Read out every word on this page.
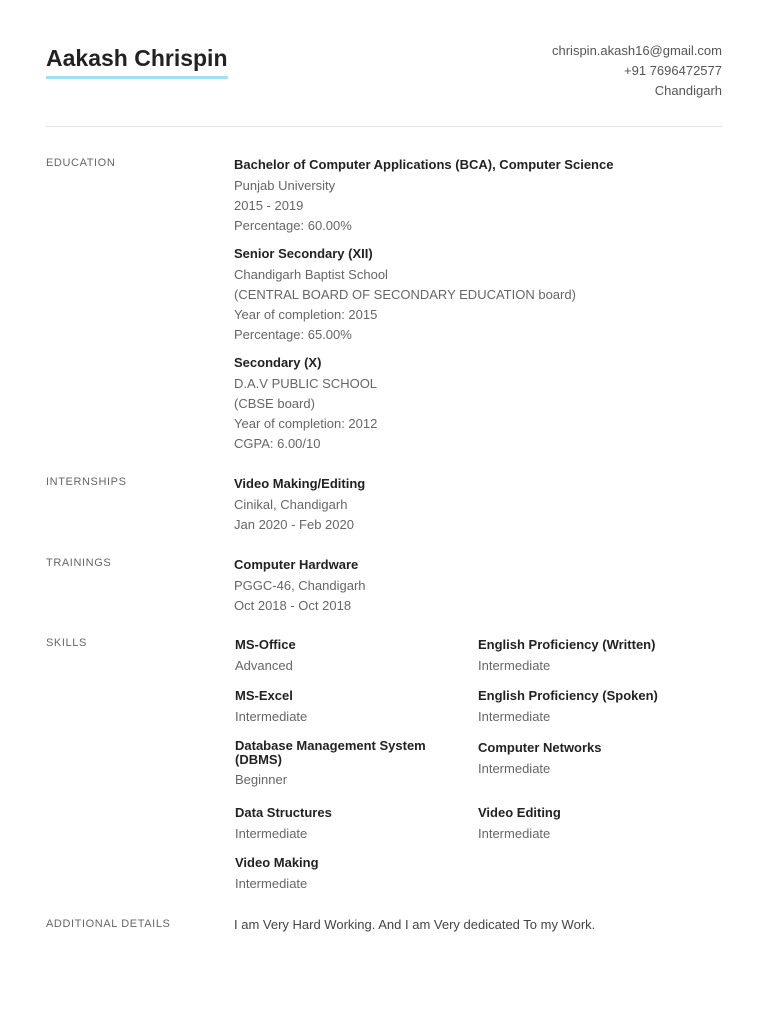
Aakash Chrispin	chrispin.akash16@gmail.com
+91 7696472577
Chandigarh
EDUCATION	Bachelor of Computer Applications (BCA), Computer Science
Punjab University
2015 - 2019
Percentage: 60.00%
Senior Secondary (XII)
Chandigarh Baptist School
(CENTRAL BOARD OF SECONDARY EDUCATION board)
Year of completion: 2015
Percentage: 65.00%
Secondary (X)
D.A.V PUBLIC SCHOOL
(CBSE board)
Year of completion: 2012
CGPA: 6.00/10
INTERNSHIPS	Video Making/Editing
Cinikal, Chandigarh
Jan 2020 - Feb 2020
TRAININGS	Computer Hardware
PGGC-46, Chandigarh
Oct 2018 - Oct 2018
SKILLS	MS-Office
Advanced
English Proficiency (Written)
Intermediate
MS-Excel
Intermediate
English Proficiency (Spoken)
Intermediate
Database Management System (DBMS)
Beginner
Computer Networks
Intermediate
Data Structures
Intermediate
Video Editing
Intermediate
Video Making
Intermediate
ADDITIONAL DETAILS	I am Very Hard Working. And I am Very dedicated To my Work.
